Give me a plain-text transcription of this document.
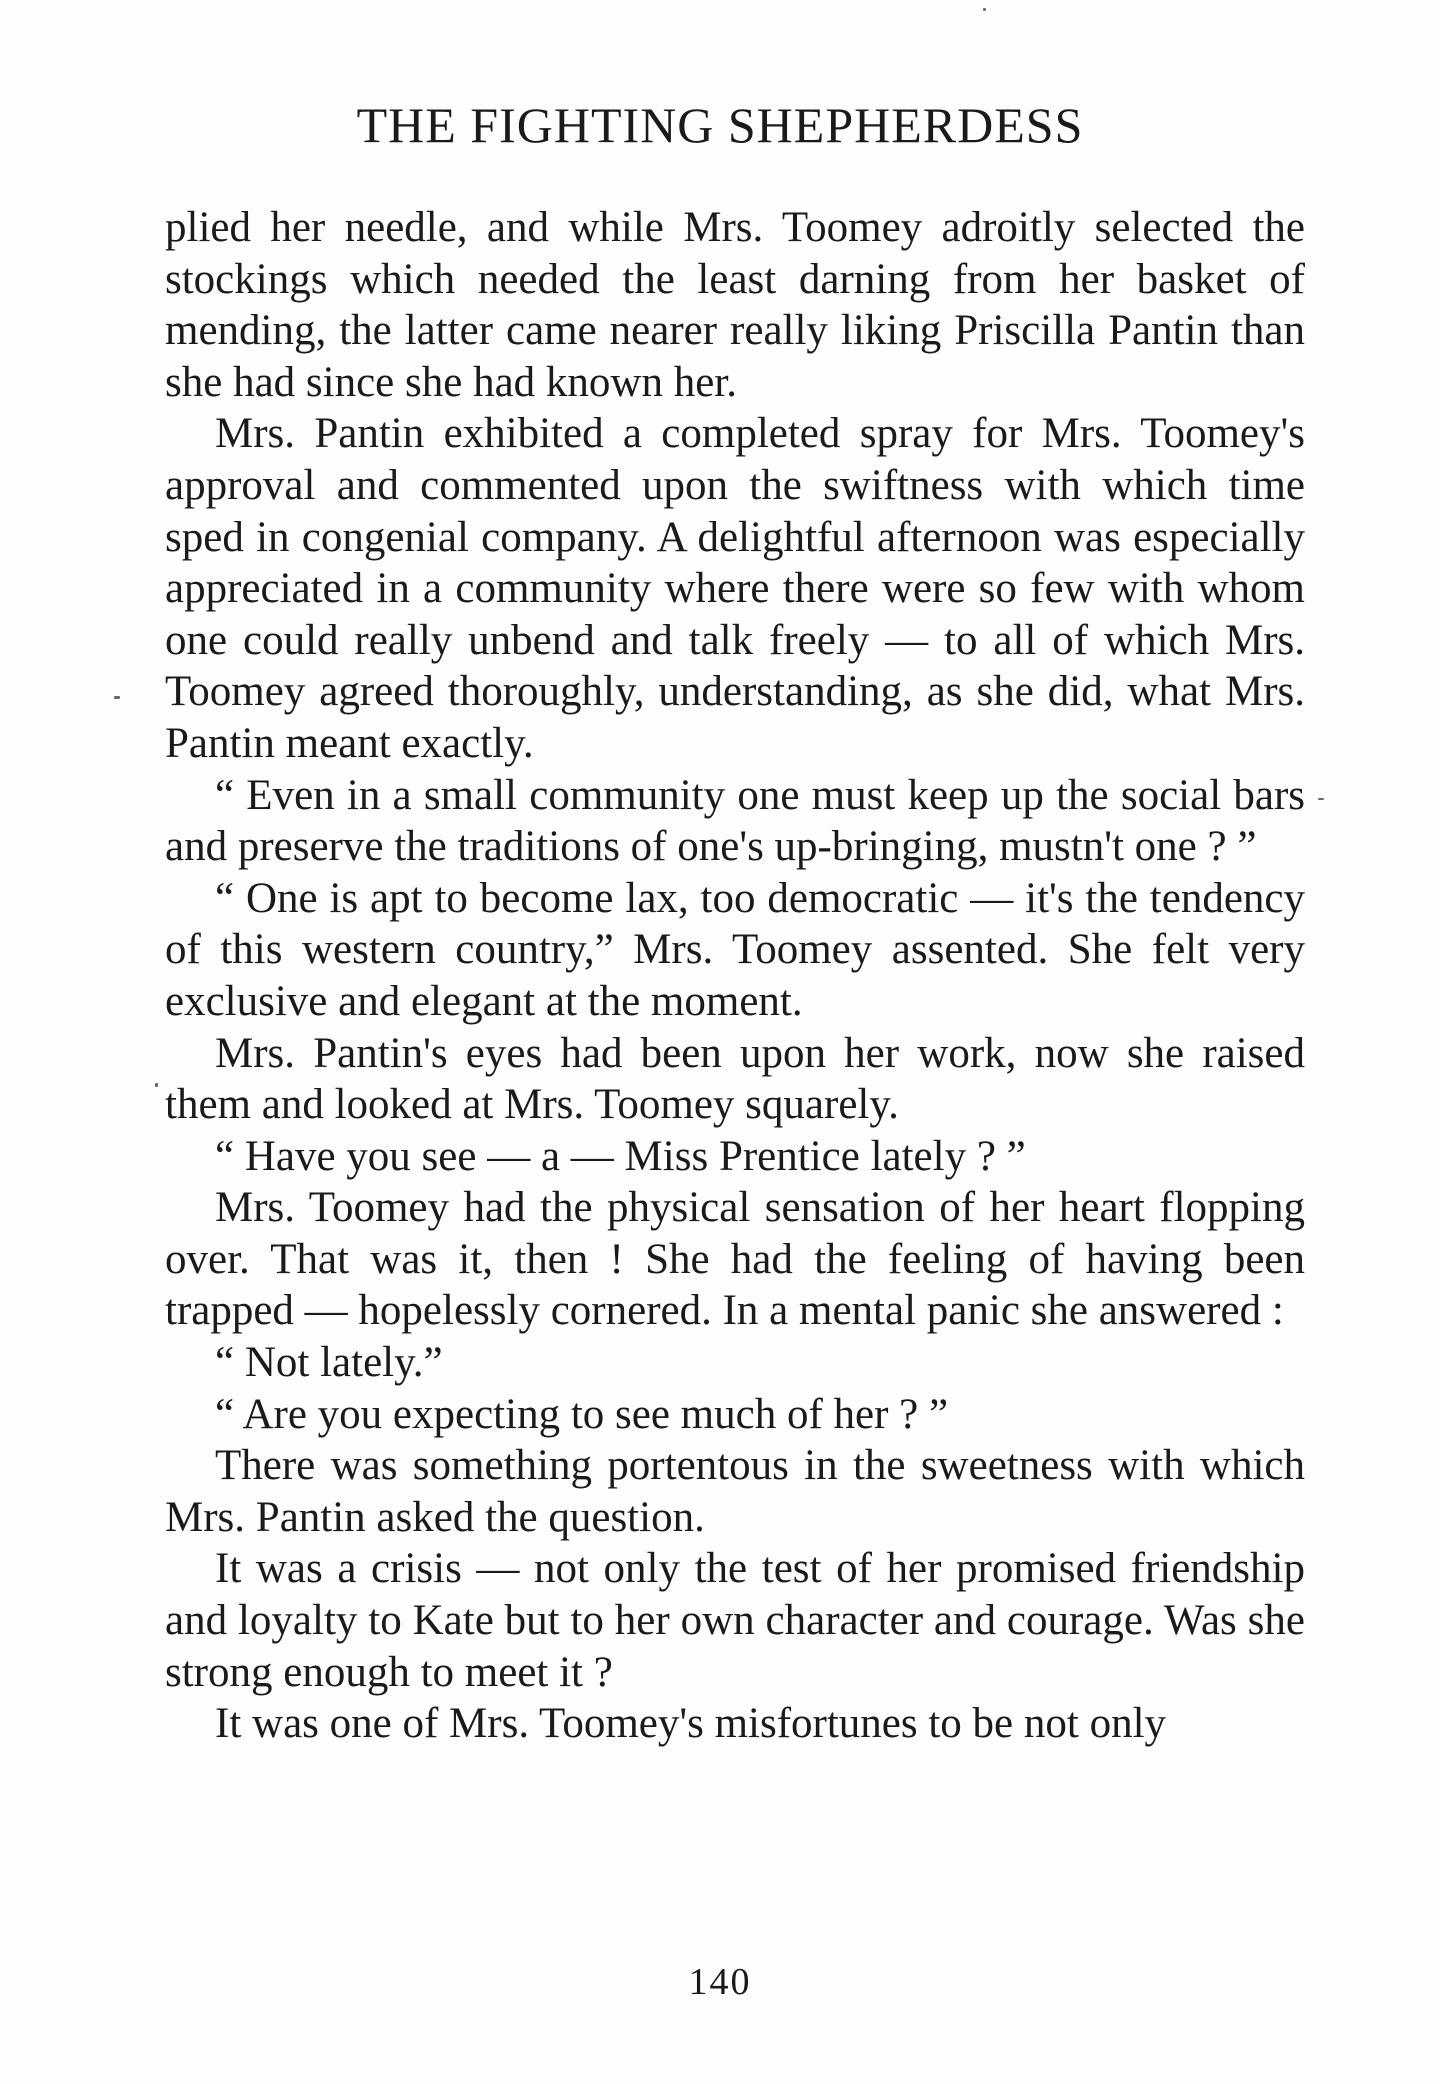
THE FIGHTING SHEPHERDESS

plied her needle, and while Mrs. Toomey adroitly selected the stockings which needed the least darning from her basket of mending, the latter came nearer really liking Priscilla Pantin than she had since she had known her.

Mrs. Pantin exhibited a completed spray for Mrs. Toomey's approval and commented upon the swiftness with which time sped in congenial company. A delightful afternoon was especially appreciated in a community where there were so few with whom one could really unbend and talk freely — to all of which Mrs. Toomey agreed thoroughly, understanding, as she did, what Mrs. Pantin meant exactly.

“ Even in a small community one must keep up the social bars and preserve the traditions of one's up-bringing, mustn't one ? ”

“ One is apt to become lax, too democratic — it's the tendency of this western country,” Mrs. Toomey assented. She felt very exclusive and elegant at the moment.

Mrs. Pantin's eyes had been upon her work, now she raised them and looked at Mrs. Toomey squarely.

“ Have you see — a — Miss Prentice lately ? ”

Mrs. Toomey had the physical sensation of her heart flopping over. That was it, then ! She had the feeling of having been trapped — hopelessly cornered. In a mental panic she answered :

“ Not lately.”

“ Are you expecting to see much of her ? ”

There was something portentous in the sweetness with which Mrs. Pantin asked the question.

It was a crisis — not only the test of her promised friendship and loyalty to Kate but to her own character and courage. Was she strong enough to meet it ?

It was one of Mrs. Toomey's misfortunes to be not only

140
